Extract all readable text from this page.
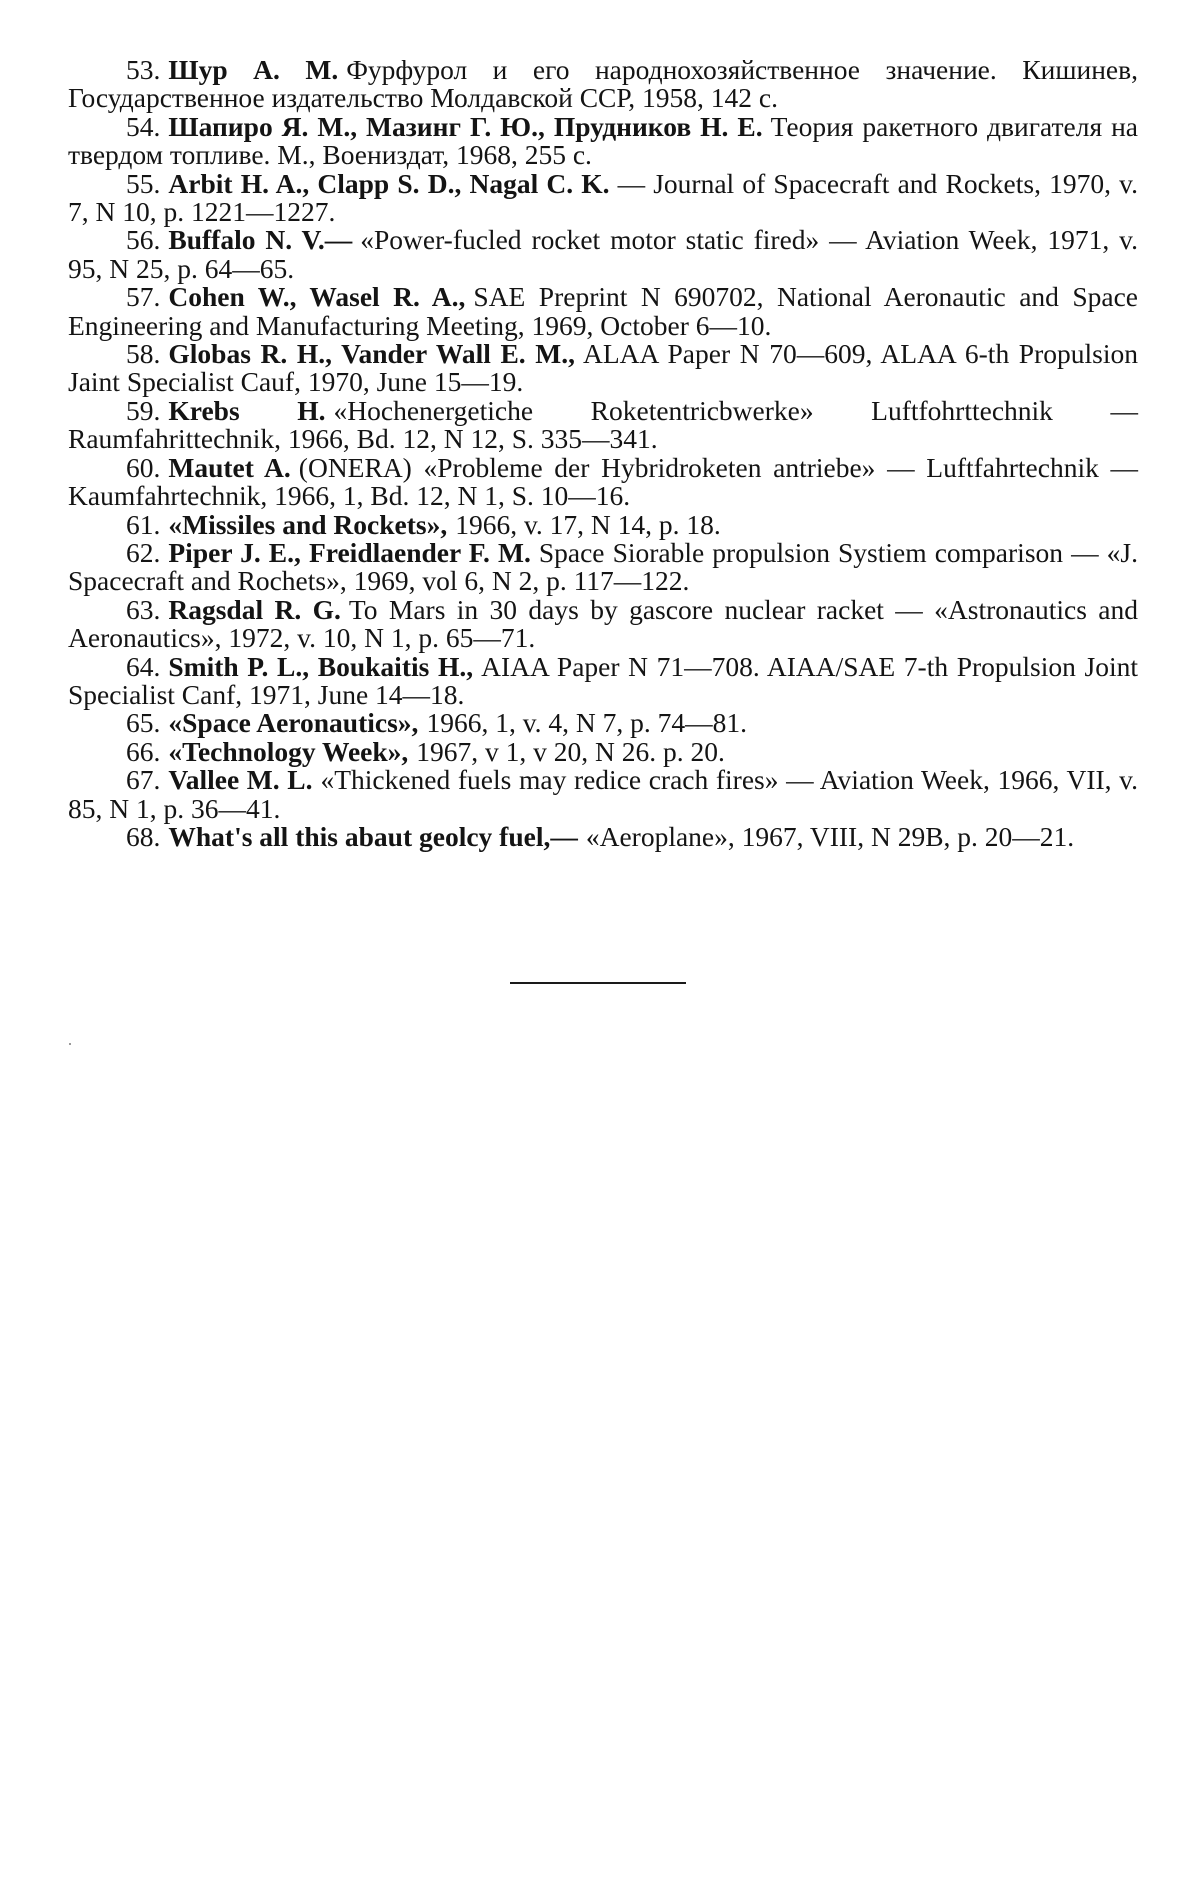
53. Шур А. М. Фурфурол и его народнохозяйственное значение. Кишинев, Государственное издательство Молдавской ССР, 1958, 142 с.

54. Шапиро Я. М., Мазинг Г. Ю., Прудников Н. Е. Теория ракетного двигателя на твердом топливе. М., Воениздат, 1968, 255 с.

55. Arbit H. A., Clapp S. D., Nagal C. K. — Journal of Spacecraft and Rockets, 1970, v. 7, N 10, p. 1221—1227.

56. Buffalo N. V.— «Power-fucled rocket motor static fired» — Aviation Week, 1971, v. 95, N 25, p. 64—65.

57. Cohen W., Wasel R. A., SAE Preprint N 690702, National Aeronautic and Space Engineering and Manufacturing Meeting, 1969, October 6—10.

58. Globas R. H., Vander Wall E. M., ALAA Paper N 70—609, ALAA 6-th Propulsion Jaint Specialist Cauf, 1970, June 15—19.

59. Krebs H. «Hochenergetiche Roketentricbwerke» Luftfohrttechnik — Raumfahrittechnik, 1966, Bd. 12, N 12, S. 335—341.

60. Mautet A. (ONERA) «Probleme der Hybridroketen antriebe» — Luftfahrtechnik — Kaumfahrtechnik, 1966, 1, Bd. 12, N 1, S. 10—16.

61. «Missiles and Rockets», 1966, v. 17, N 14, p. 18.

62. Piper J. E., Freidlaender F. M. Space Siorable propulsion Systiem comparison — «J. Spacecraft and Rochets», 1969, vol 6, N 2, p. 117—122.

63. Ragsdal R. G. To Mars in 30 days by gascore nuclear racket — «Astronautics and Aeronautics», 1972, v. 10, N 1, p. 65—71.

64. Smith P. L., Boukaitis H., AIAA Paper N 71—708. AIAA/SAE 7-th Propulsion Joint Specialist Canf, 1971, June 14—18.

65. «Space Aeronautics», 1966, 1, v. 4, N 7, p. 74—81.

66. «Technology Week», 1967, v 1, v 20, N 26. p. 20.

67. Vallee M. L. «Thickened fuels may redice crach fires» — Aviation Week, 1966, VII, v. 85, N 1, p. 36—41.

68. What's all this abaut geolcy fuel,— «Aeroplane», 1967, VIII, N 29B, p. 20—21.
